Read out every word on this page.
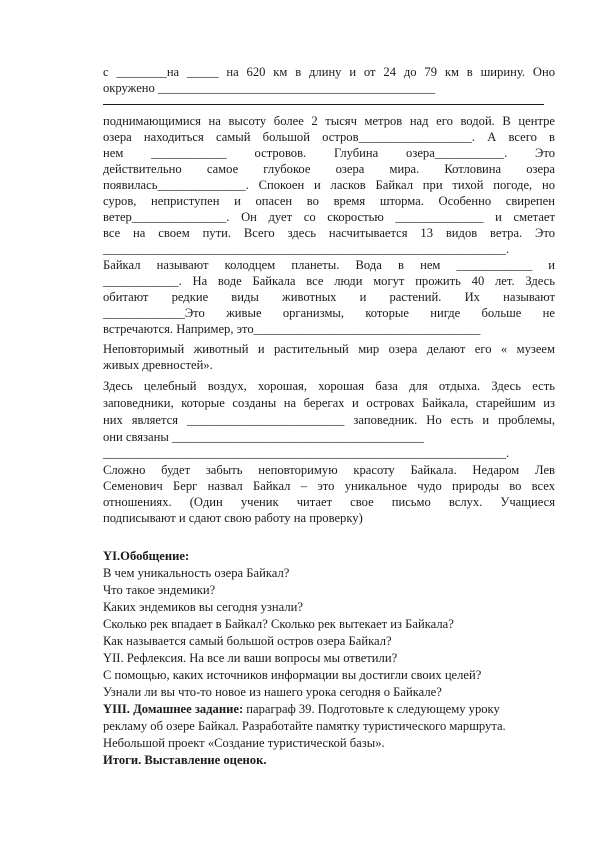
с ________на _____ на 620 км в длину и от 24 до 79 км в ширину. Оно
окружено ____________________________________________
поднимающимися на высоту более 2 тысяч метров над его водой. В центре
озера находиться самый большой остров__________________. А всего в
нем ____________ островов. Глубина озера___________. Это
действительно самое глубокое озера мира. Котловина озера
появилась______________. Спокоен и ласков Байкал при тихой погоде, но
суров, неприступен и опасен во время шторма. Особенно свирепен
ветер_______________. Он дует со скоростью ______________ и сметает
все на своем пути. Всего здесь насчитывается 13 видов ветра. Это
________________________________________________________________.
Байкал называют колодцем планеты. Вода в нем ____________ и
____________. На воде Байкала все люди могут прожить 40 лет. Здесь
обитают редкие виды животных и растений. Их называют
_____________Это живые организмы, которые нигде больше не
встречаются. Например, это____________________________________
Неповторимый животный и растительный мир озера делают его « музеем
живых древностей».
Здесь целебный воздух, хорошая, хорошая база для отдыха. Здесь есть
заповедники, которые созданы на берегах и островах Байкала, старейшим из
них является _________________________ заповедник. Но есть и проблемы,
они связаны ________________________________________
________________________________________________________________.
Сложно будет забыть неповторимую красоту Байкала. Недаром Лев
Семенович Берг назвал Байкал – это уникальное чудо природы во всех
отношениях. (Один ученик читает свое письмо вслух. Учащиеся
подписывают и сдают свою работу на проверку)
YI.Обобщение:
В чем уникальность озера Байкал?
Что такое эндемики?
Каких эндемиков вы сегодня узнали?
Сколько рек впадает в Байкал? Сколько рек вытекает из Байкала?
Как называется самый большой остров озера Байкал?
YII. Рефлексия. На все ли ваши вопросы мы ответили?
С помощью, каких источников информации вы достигли своих целей?
Узнали ли вы что-то новое из нашего урока сегодня о Байкале?
YIII. Домашнее задание: параграф 39. Подготовьте к следующему уроку
рекламу об озере Байкал. Разработайте памятку туристического маршрута.
Небольшой проект «Создание туристической базы».
Итоги. Выставление оценок.
